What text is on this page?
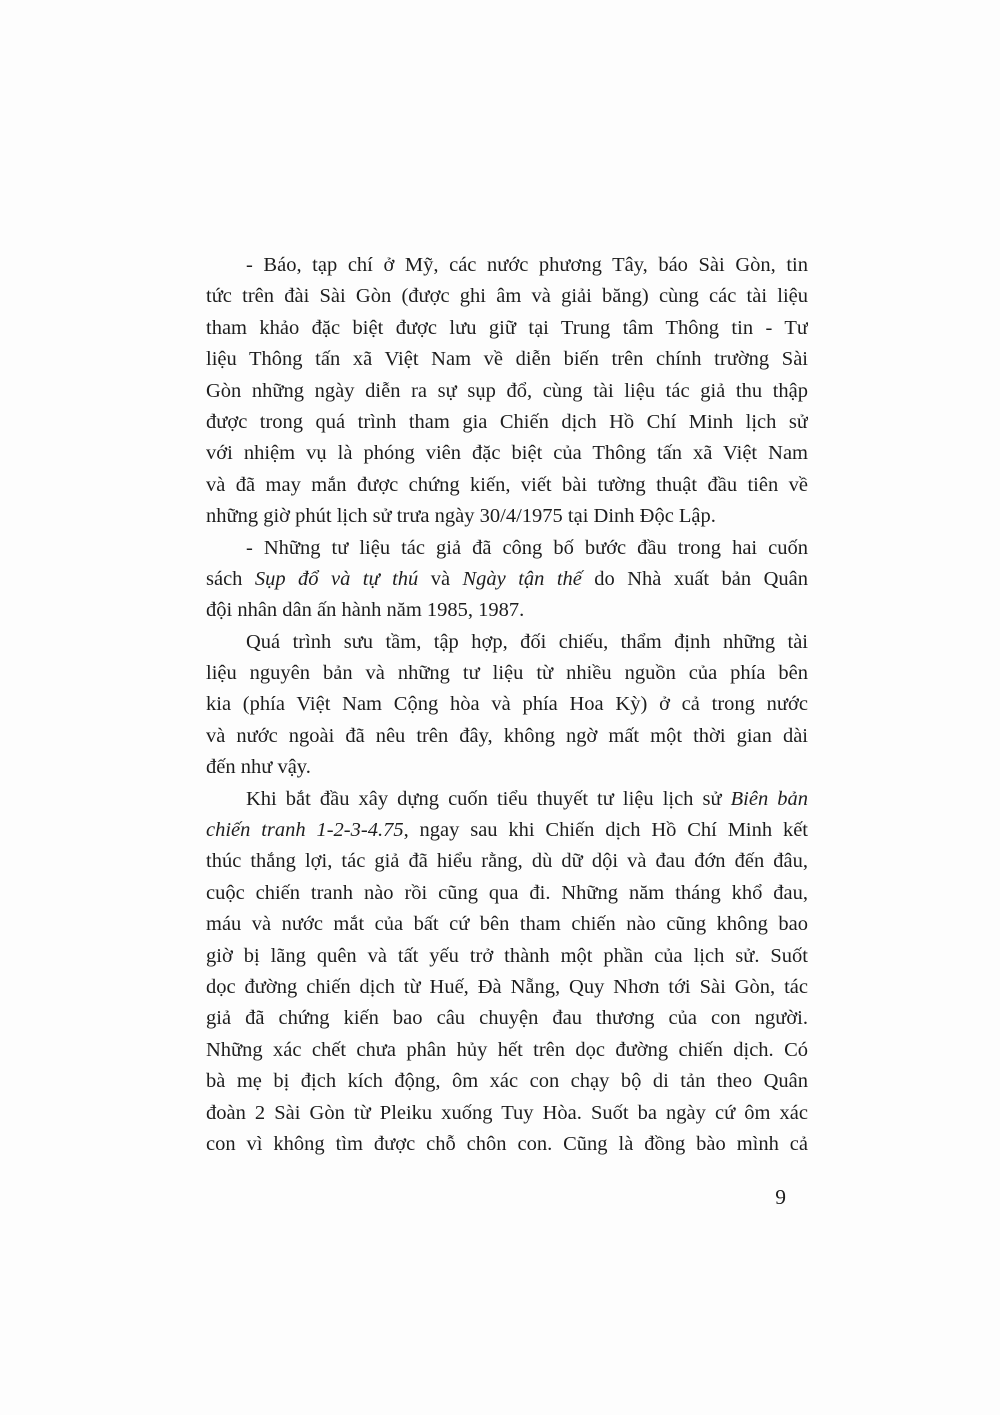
- Báo, tạp chí ở Mỹ, các nước phương Tây, báo Sài Gòn, tin
tức trên đài Sài Gòn (được ghi âm và giải băng) cùng các tài liệu
tham khảo đặc biệt được lưu giữ tại Trung tâm Thông tin - Tư
liệu Thông tấn xã Việt Nam về diễn biến trên chính trường Sài
Gòn những ngày diễn ra sự sụp đổ, cùng tài liệu tác giả thu thập
được trong quá trình tham gia Chiến dịch Hồ Chí Minh lịch sử
với nhiệm vụ là phóng viên đặc biệt của Thông tấn xã Việt Nam
và đã may mắn được chứng kiến, viết bài tường thuật đầu tiên về
những giờ phút lịch sử trưa ngày 30/4/1975 tại Dinh Độc Lập.
- Những tư liệu tác giả đã công bố bước đầu trong hai cuốn
sách Sụp đổ và tự thú và Ngày tận thế do Nhà xuất bản Quân
đội nhân dân ấn hành năm 1985, 1987.
Quá trình sưu tầm, tập hợp, đối chiếu, thẩm định những tài
liệu nguyên bản và những tư liệu từ nhiều nguồn của phía bên
kia (phía Việt Nam Cộng hòa và phía Hoa Kỳ) ở cả trong nước
và nước ngoài đã nêu trên đây, không ngờ mất một thời gian dài
đến như vậy.
Khi bắt đầu xây dựng cuốn tiểu thuyết tư liệu lịch sử Biên bản
chiến tranh 1-2-3-4.75, ngay sau khi Chiến dịch Hồ Chí Minh kết
thúc thắng lợi, tác giả đã hiểu rằng, dù dữ dội và đau đớn đến đâu,
cuộc chiến tranh nào rồi cũng qua đi. Những năm tháng khổ đau,
máu và nước mắt của bất cứ bên tham chiến nào cũng không bao
giờ bị lãng quên và tất yếu trở thành một phần của lịch sử. Suốt
dọc đường chiến dịch từ Huế, Đà Nẵng, Quy Nhơn tới Sài Gòn, tác
giả đã chứng kiến bao câu chuyện đau thương của con người.
Những xác chết chưa phân hủy hết trên dọc đường chiến dịch. Có
bà mẹ bị địch kích động, ôm xác con chạy bộ di tản theo Quân
đoàn 2 Sài Gòn từ Pleiku xuống Tuy Hòa. Suốt ba ngày cứ ôm xác
con vì không tìm được chỗ chôn con. Cũng là đồng bào mình cả
9
